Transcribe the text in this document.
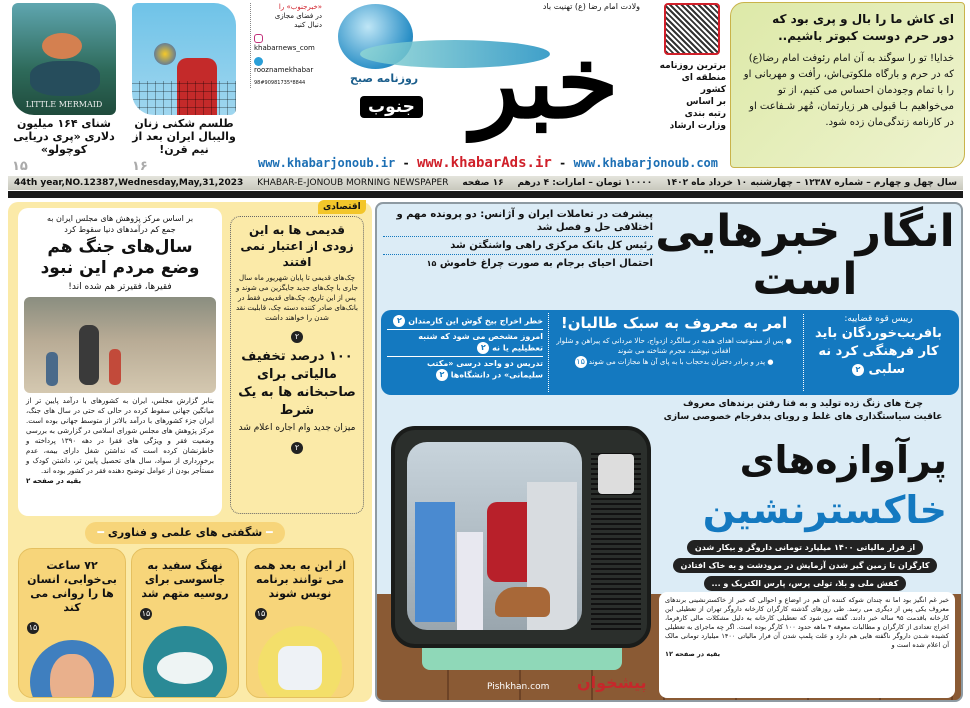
LITTLE MERMAID
شنای ۱۶۴ میلیون دلاری «پری دریایی کوچولو»
۱۵
طلسم شکنی زنان والیبال ایران بعد از نیم قرن!
۱۶
«خبرجنوب» را
در فضای مجازی
دنبال کنید
khabarnews_com
rooznamekhabar
98#90981735*8844
ولادت امام رضا (ع) تهنیت باد
روزنامه صبح خبر
جنوب
www.khabarjonoub.ir - www.khabarAds.ir - www.khabarjonoub.com
برترین روزنامه
منطقه ای کشور
بر اساس
رتبه بندی
وزارت ارشاد
ای کاش ما را بال و پری بود که دور حرم دوست کبوتر باشیم..
خدایا! تو را سوگند به آن امام رئوفت امام رضا(ع) که در حرم و بارگاه ملکوتی‌اش، رأفت و مهربانی او را با تمام وجودمان احساس می کنیم، از تو می‌خواهیم بـا قبولی هر زیارتمان، مُهر شـفاعت او در کارنامه زندگی‌مان زده شود.
44th year,NO.12387,Wednesday,May,31,2023 KHABAR-E-JONOUB MORNING NEWSPAPER ۱۶ صفحه ۱۰۰۰۰ تومان – امارات: ۴ درهم سال چهل و چهارم – شماره ۱۲۳۸۷ – چهارشنبه ۱۰ خرداد ماه ۱۴۰۲
بر اساس مرکز پژوهش های مجلس ایران به جمع کم درآمدهای دنیا سقوط کرد
سال‌های جنگ هم وضع مردم این نبود
فقیرها، فقیرتر هم شده اند!
بنابر گزارش مجلس، ایران به کشورهای با درآمد پایین تر از میانگین جهانی سقوط کرده در حالی که حتی در سال های جنگ، ایران جزء کشورهای با درآمد بالاتر از متوسط جهانی بوده است. مرکز پژوهش های مجلس شورای اسلامی در گزارشی به بررسی وضعیت فقر و ویژگی های فقرا در دهه ۱۳۹۰ پرداخته و خاطرنشان کرده است که نداشتن شغل دارای بیمه، عدم برخورداری از سواد، سال های تحصیل پایین تر، داشتن کودک و مستأجر بودن از عوامل توضیح دهنده فقر در کشور بوده اند.
بقیه در صفحه ۲
اقتصادی
قدیمی ها به این زودی از اعتبار نمی افتند
چک‌های قدیمی تا پایان شهریور ماه سال جاری با چک‌های جدید جایگزین می شوند و پس از این تاریخ، چک‌های قدیمی فقط در بانک‌های صادر کننده دسته چک، قابلیت نقد شدن را خواهند داشت
۲
۱۰۰ درصد تخفیف مالیاتی برای صاحبخانه ها به یک شرط
میزان جدید وام اجاره اعلام شد
۲
━ شگفتی های علمی و فناوری ━
از این به بعد همه می توانند برنامه نویس شوند
۱۵
نهنگ سفید به جاسوسی برای روسیه متهم شد
۱۵
۷۲ ساعت بی‌خوابی، انسان ها را روانی می کند
۱۵
انگار خبرهایی است
پیشرفت در تعاملات ایران و آژانس: دو پرونده مهم و اختلافی حل و فصل شد
رئیس کل بانک مرکزی راهی واشنگتن شد
احتمال احیای برجام به صورت چراغ خاموش ۱۵
رییس قوه قضاییه:
بافریب‌خوردگان باید کار فرهنگی کرد نه سلبی ۲
امر به معروف به سبک طالبان!
● پس از ممنوعیت اهدای هدیه در سالگرد ازدواج، حالا مردانی که پیراهن و شلوار افغانی نپوشند، مجرم شناخته می شوند
● پدر و برادر دختران بدحجاب با به پای آن ها مجازات می شوند ۱۵
خطر اخراج بیخ گوش این کارمندان ۲
امروز مشخص می شود که شنبه تعطیلیم یا نه ۲
تدریس دو واحد درسی «مکتب سلیمانی» در دانشگاه‌ها ۲
چرخ های زنگ زده تولید و به فنا رفتن برندهای معروف
عاقبت سیاستگذاری های غلط و رویای بدفرجام خصوصی سازی
پرآوازه‌های
خاکسترنشین
از فرار مالیاتی ۱۴۰۰ میلیارد تومانی داروگر و بیکار شدن
کارگران تا زمین گیر شدن آزمایش در مرودشت و به خاک افتادن
کفش ملی و بلا، تولی پرس، پارس الکتریک و ...
خبر غم انگیز بود اما نه چندان شوکه کننده آن هم در اوضاع و احوالی که خبر از خاکسترنشینی برندهای معروف یکی پس از دیگری می رسد. طی روزهای گذشته کارگران کارخانه داروگر تهران از تعطیلی این کارخانه باقدمت ۹۵ ساله خبر دادند. گفته می شود که تعطیلی کارخانه به دلیل مشکلات مالی کارفرما، اخراج تعدادی از کارگران و مطالبات معوقه ۴ ماهه حدود ۱۰۰ کارگر بوده است. اگر چه ماجرای به تعطیلی کشیده شـدن داروگر ناگفته هایی هم دارد و علت پلمپ شدن آن فرار مالیاتی ۱۴۰۰ میلیارد تومانی مالک آن اعلام شده است و
بقیه در صفحه ۱۲
پیشخوان
Pishkhan.com
